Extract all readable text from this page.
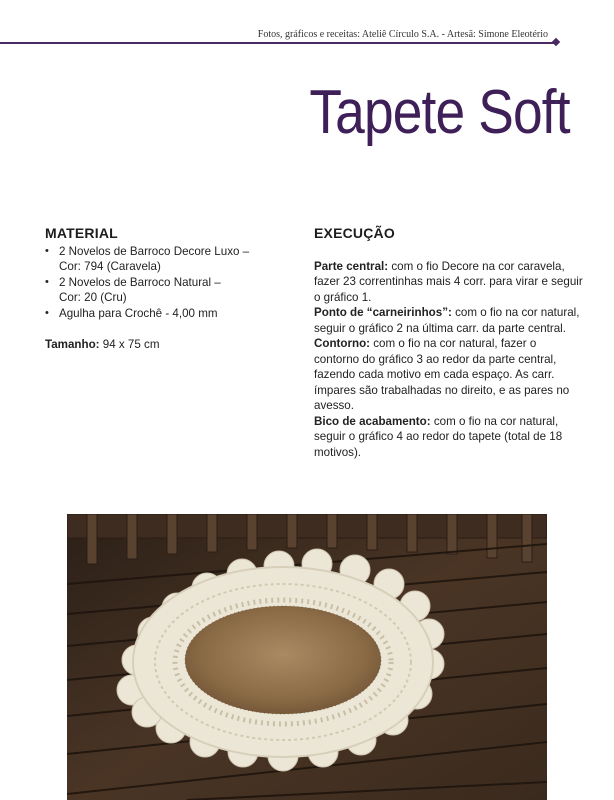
Fotos, gráficos e receitas: Ateliê Círculo S.A. - Artesã: Simone Eleotério
Tapete Soft
MATERIAL
• 2 Novelos de Barroco Decore Luxo –
Cor: 794 (Caravela)
• 2 Novelos de Barroco Natural –
Cor: 20 (Cru)
• Agulha para Crochê - 4,00 mm
Tamanho: 94 x 75 cm
EXECUÇÃO

Parte central: com o fio Decore na cor caravela, fazer 23 correntinhas mais 4 corr. para virar e seguir o gráfico 1.

Ponto de “carneirinhos”: com o fio na cor natural, seguir o gráfico 2 na última carr. da parte central.

Contorno: com o fio na cor natural, fazer o contorno do gráfico 3 ao redor da parte central, fazendo cada motivo em cada espaço. As carr. ímpares são trabalhadas no direito, e as pares no avesso.

Bico de acabamento: com o fio na cor natural, seguir o gráfico 4 ao redor do tapete (total de 18 motivos).
